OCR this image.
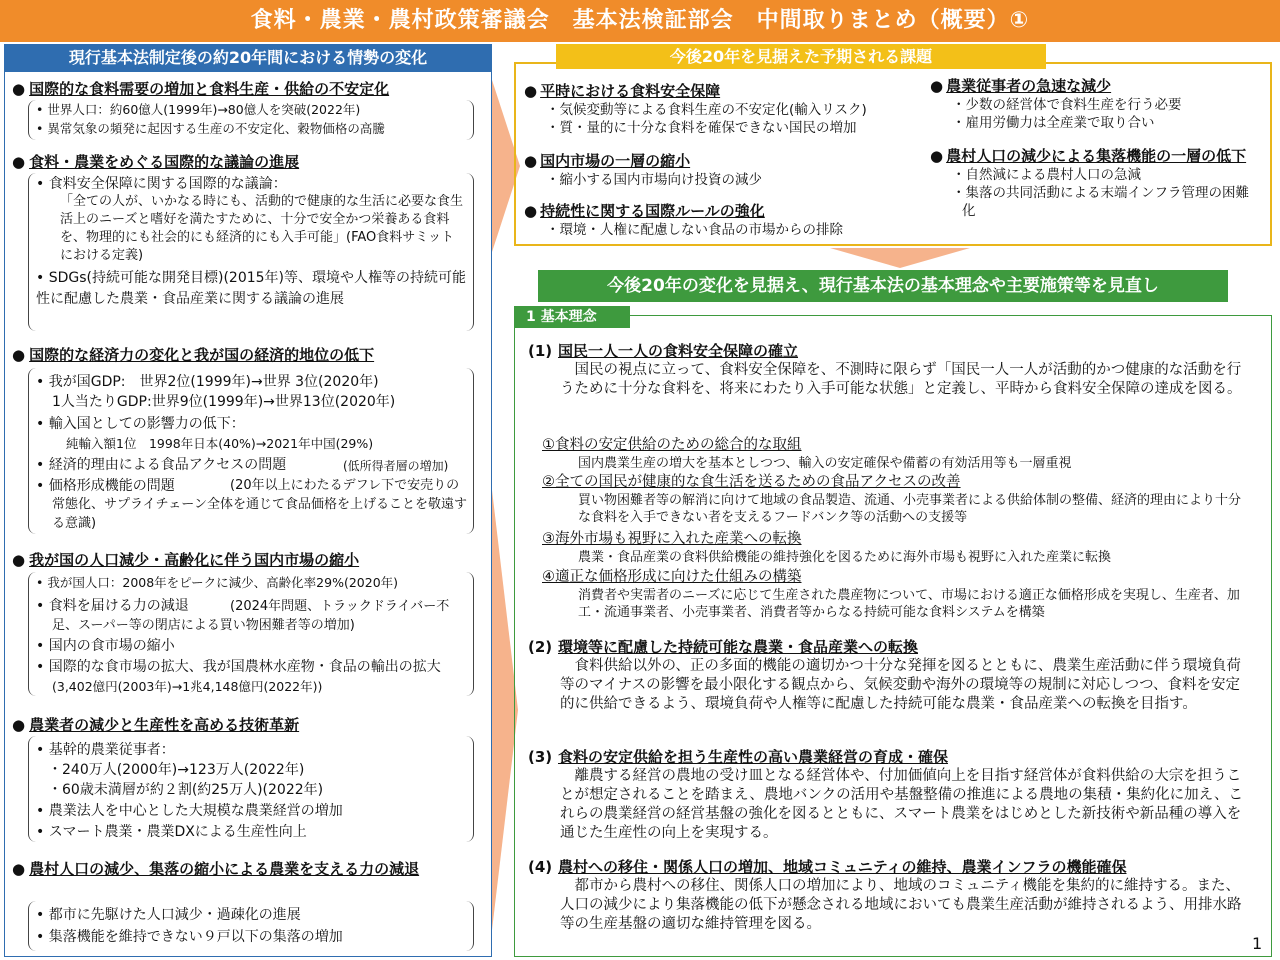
食料・農業・農村政策審議会　基本法検証部会　中間取りまとめ（概要）①
現行基本法制定後の約20年間における情勢の変化
● 国際的な食料需要の増加と食料生産・供給の不安定化
• 世界人口：約60億人(1999年)→80億人を突破(2022年)
• 異常気象の頻発に起因する生産の不安定化、穀物価格の高騰
● 食料・農業をめぐる国際的な議論の進展
• 食料安全保障に関する国際的な議論：
「全ての人が、いかなる時にも、活動的で健康的な生活に必要な食生活上のニーズと嗜好を満たすために、十分で安全かつ栄養ある食料を、物理的にも社会的にも経済的にも入手可能」(FAO食料サミットにおける定義)
• SDGs(持続可能な開発目標)(2015年)等、環境や人権等の持続可能性に配慮した農業・食品産業に関する議論の進展
● 国際的な経済力の変化と我が国の経済的地位の低下
• 我が国GDP:　世界2位(1999年)→世界 3位(2020年)
1人当たりGDP:世界9位(1999年)→世界13位(2020年)
• 輸入国としての影響力の低下：
純輸入額1位　1998年日本(40%)→2021年中国(29%)
• 経済的理由による食品アクセスの問題	(低所得者層の増加)
• 価格形成機能の問題	(20年以上にわたるデフレ下で安売りの常態化、サプライチェーン全体を通じて食品価格を上げることを敬遠する意識)
● 我が国の人口減少・高齢化に伴う国内市場の縮小
• 我が国人口：2008年をピークに減少、高齢化率29%(2020年)
• 食料を届ける力の減退	(2024年問題、トラックドライバー不足、スーパー等の閉店による買い物困難者等の増加)
• 国内の食市場の縮小
• 国際的な食市場の拡大、我が国農林水産物・食品の輸出の拡大
(3,402億円(2003年)→1兆4,148億円(2022年))
● 農業者の減少と生産性を高める技術革新
• 基幹的農業従事者：
・ 240万人(2000年)→123万人(2022年)
・ 60歳未満層が約２割(約25万人)(2022年)
• 農業法人を中心とした大規模な農業経営の増加
• スマート農業・農業DXによる生産性向上
● 農村人口の減少、集落の縮小による農業を支える力の減退
• 都市に先駆けた人口減少・過疎化の進展
• 集落機能を維持できない９戸以下の集落の増加
今後20年を見据えた予期される課題
● 平時における食料安全保障
・気候変動等による食料生産の不安定化(輸入リスク)
・質・量的に十分な食料を確保できない国民の増加
● 国内市場の一層の縮小
・縮小する国内市場向け投資の減少
● 持続性に関する国際ルールの強化
・環境・人権に配慮しない食品の市場からの排除
● 農業従事者の急速な減少
・少数の経営体で食料生産を行う必要
・雇用労働力は全産業で取り合い
● 農村人口の減少による集落機能の一層の低下
・自然減による農村人口の急減
・集落の共同活動による末端インフラ管理の困難化
今後20年の変化を見据え、現行基本法の基本理念や主要施策等を見直し
1 基本理念
(1) 国民一人一人の食料安全保障の確立
国民の視点に立って、食料安全保障を、不測時に限らず「国民一人一人が活動的かつ健康的な活動を行うために十分な食料を、将来にわたり入手可能な状態」と定義し、平時から食料安全保障の達成を図る。
①食料の安定供給のための総合的な取組
国内農業生産の増大を基本としつつ、輸入の安定確保や備蓄の有効活用等も一層重視
②全ての国民が健康的な食生活を送るための食品アクセスの改善
買い物困難者等の解消に向けて地域の食品製造、流通、小売事業者による供給体制の整備、経済的理由により十分な食料を入手できない者を支えるフードバンク等の活動への支援等
③海外市場も視野に入れた産業への転換
農業・食品産業の食料供給機能の維持強化を図るために海外市場も視野に入れた産業に転換
④適正な価格形成に向けた仕組みの構築
消費者や実需者のニーズに応じて生産された農産物について、市場における適正な価格形成を実現し、生産者、加工・流通事業者、小売事業者、消費者等からなる持続可能な食料システムを構築
(2) 環境等に配慮した持続可能な農業・食品産業への転換
食料供給以外の、正の多面的機能の適切かつ十分な発揮を図るとともに、農業生産活動に伴う環境負荷等のマイナスの影響を最小限化する観点から、気候変動や海外の環境等の規制に対応しつつ、食料を安定的に供給できるよう、環境負荷や人権等に配慮した持続可能な農業・食品産業への転換を目指す。
(3) 食料の安定供給を担う生産性の高い農業経営の育成・確保
離農する経営の農地の受け皿となる経営体や、付加価値向上を目指す経営体が食料供給の大宗を担うことが想定されることを踏まえ、農地バンクの活用や基盤整備の推進による農地の集積・集約化に加え、これらの農業経営の経営基盤の強化を図るとともに、スマート農業をはじめとした新技術や新品種の導入を通じた生産性の向上を実現する。
(4) 農村への移住・関係人口の増加、地域コミュニティの維持、農業インフラの機能確保
都市から農村への移住、関係人口の増加により、地域のコミュニティ機能を集約的に維持する。また、人口の減少により集落機能の低下が懸念される地域においても農業生産活動が維持されるよう、用排水路等の生産基盤の適切な維持管理を図る。
1
